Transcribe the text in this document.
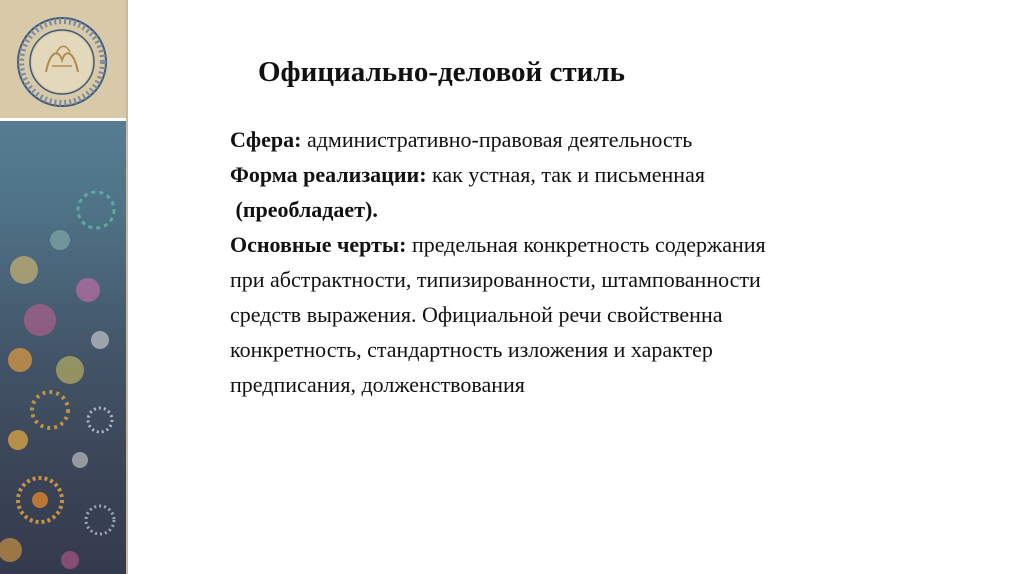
Официально-деловой стиль
Сфера: административно-правовая деятельность
Форма реализации: как устная, так и письменная
(преобладает).
Основные черты: предельная конкретность содержания
при абстрактности, типизированности, штампованности
средств выражения. Официальной речи свойственна
конкретность, стандартность изложения и характер
предписания, долженствования
